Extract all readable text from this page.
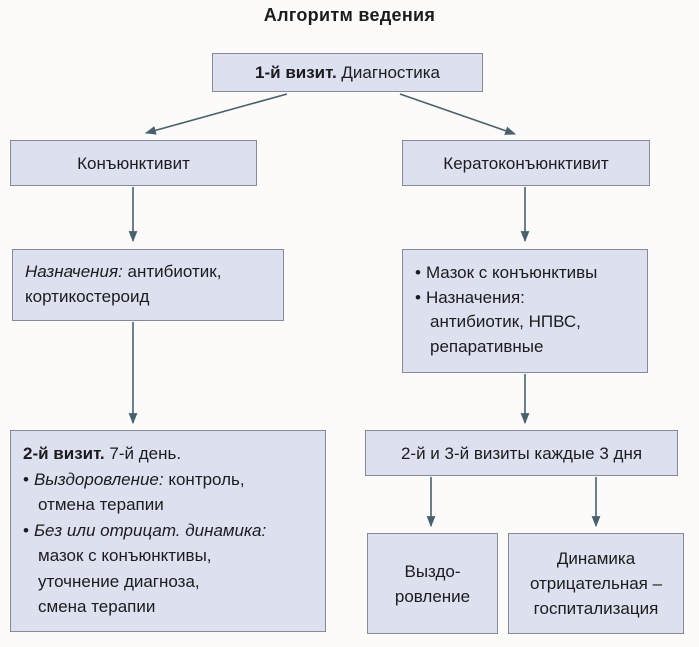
Алгоритм ведения
1-й визит. Диагностика
Конъюнктивит	Кератоконъюнктивит
Назначения: антибиотик,
кортикостероид
• Мазок с конъюнктивы
• Назначения:
антибиотик, НПВС,
репаративные
2-й визит. 7-й день.
• Выздоровление: контроль,
отмена терапии
• Без или отрицат. динамика:
мазок с конъюнктивы,
уточнение диагноза,
смена терапии
2-й и 3-й визиты каждые 3 дня
Выздо-
ровление
Динамика
отрицательная –
госпитализация
